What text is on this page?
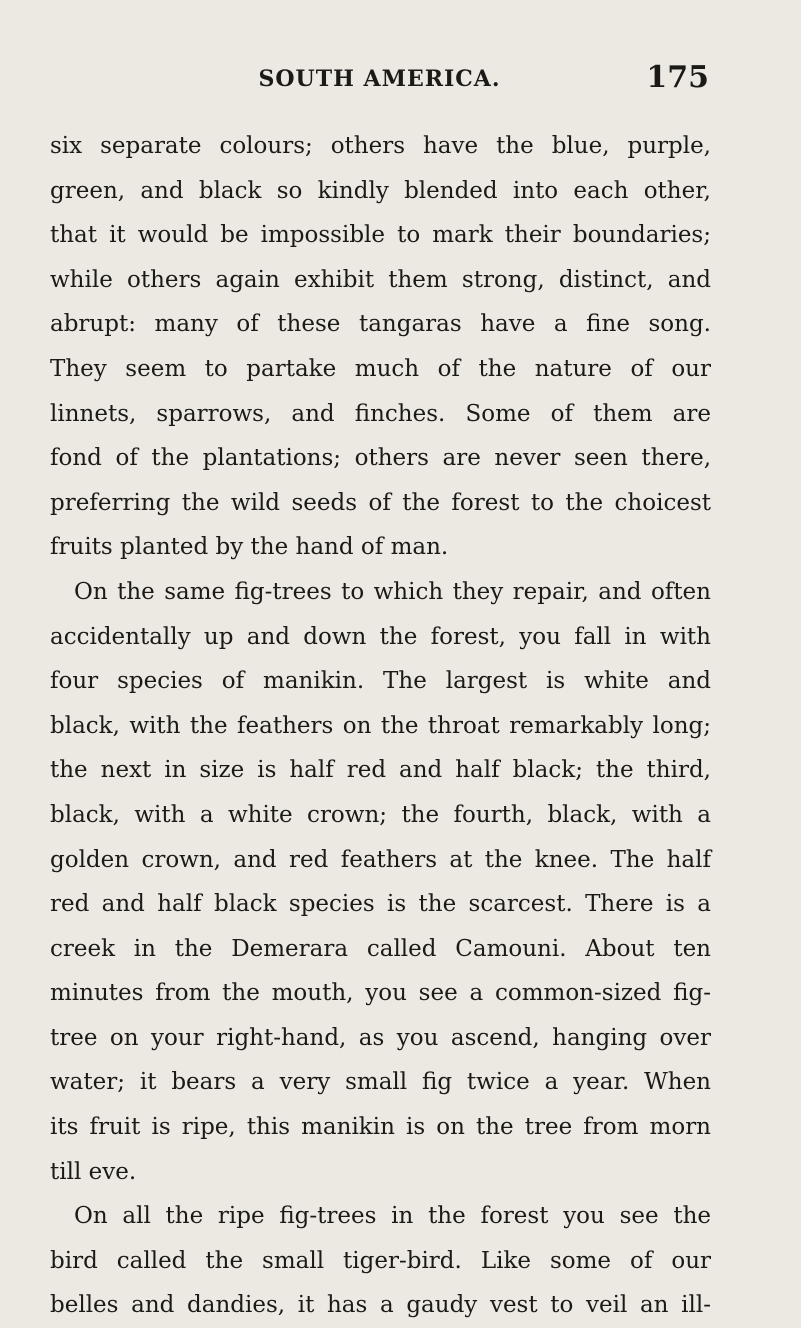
SOUTH AMERICA.	175
six separate colours; others have the blue, purple,
green, and black so kindly blended into each other,
that it would be impossible to mark their boundaries;
while others again exhibit them strong, distinct, and
abrupt: many of these tangaras have a fine song.
They seem to partake much of the nature of our
linnets, sparrows, and finches. Some of them are
fond of the plantations; others are never seen there,
preferring the wild seeds of the forest to the choicest
fruits planted by the hand of man.
On the same fig-trees to which they repair, and often
accidentally up and down the forest, you fall in with
four species of manikin. The largest is white and
black, with the feathers on the throat remarkably long;
the next in size is half red and half black; the third,
black, with a white crown; the fourth, black, with a
golden crown, and red feathers at the knee. The half
red and half black species is the scarcest. There is a
creek in the Demerara called Camouni. About ten
minutes from the mouth, you see a common-sized fig-
tree on your right-hand, as you ascend, hanging over
water; it bears a very small fig twice a year. When
its fruit is ripe, this manikin is on the tree from morn
till eve.
On all the ripe fig-trees in the forest you see the
bird called the small tiger-bird. Like some of our
belles and dandies, it has a gaudy vest to veil an ill-
